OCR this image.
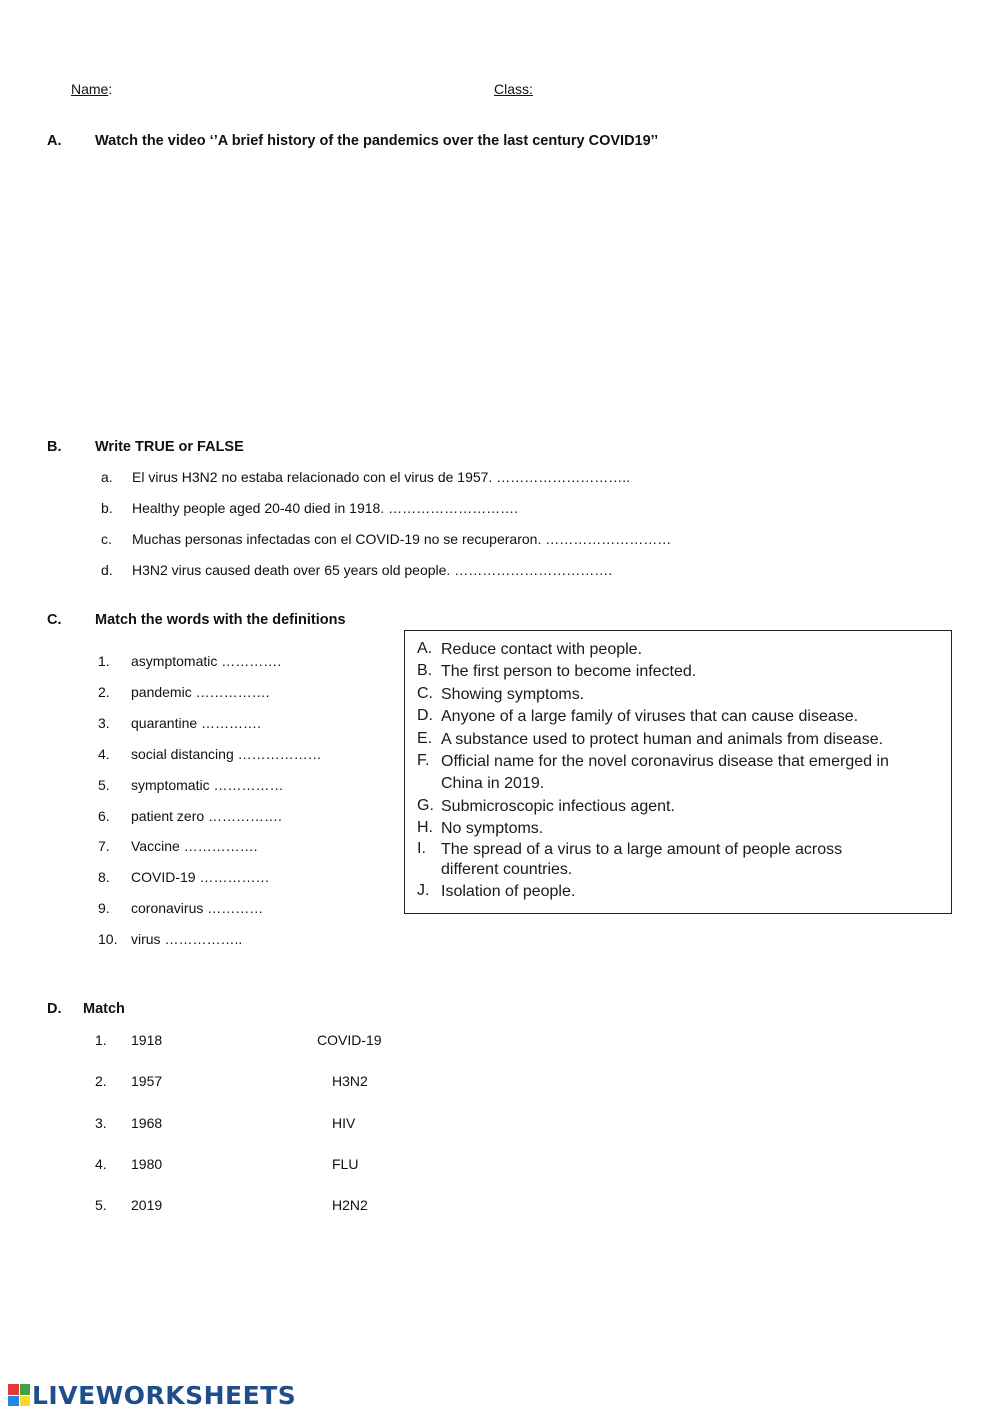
Name:	Class:
A. Watch the video ‘’A brief history of the pandemics over the last century COVID19’’
B. Write TRUE or FALSE
a. El virus H3N2 no estaba relacionado con el virus de 1957. ………………………..
b. Healthy people aged 20-40 died in 1918. ……………………….
c. Muchas personas infectadas con el COVID-19 no se recuperaron. ………………………
d. H3N2 virus caused death over 65 years old people. …………………………….
C. Match the words with the definitions
1. asymptomatic ………….
2. pandemic …………….
3. quarantine ………….
4. social distancing ………………
5. symptomatic ……………
6. patient zero …………….
7. Vaccine …………….
8. COVID-19 ……………
9. coronavirus …………
10. virus ……………..
A. Reduce contact with people.
B. The first person to become infected.
C. Showing symptoms.
D. Anyone of a large family of viruses that can cause disease.
E. A substance used to protect human and animals from disease.
F. Official name for the novel coronavirus disease that emerged in
China in 2019.
G. Submicroscopic infectious agent.
H. No symptoms.
I. The spread of a virus to a large amount of people across
different countries.
J. Isolation of people.
D. Match
1. 1918	COVID-19
2. 1957	H3N2
3. 1968	HIV
4. 1980	FLU
5. 2019	H2N2
LIVEWORKSHEETS
